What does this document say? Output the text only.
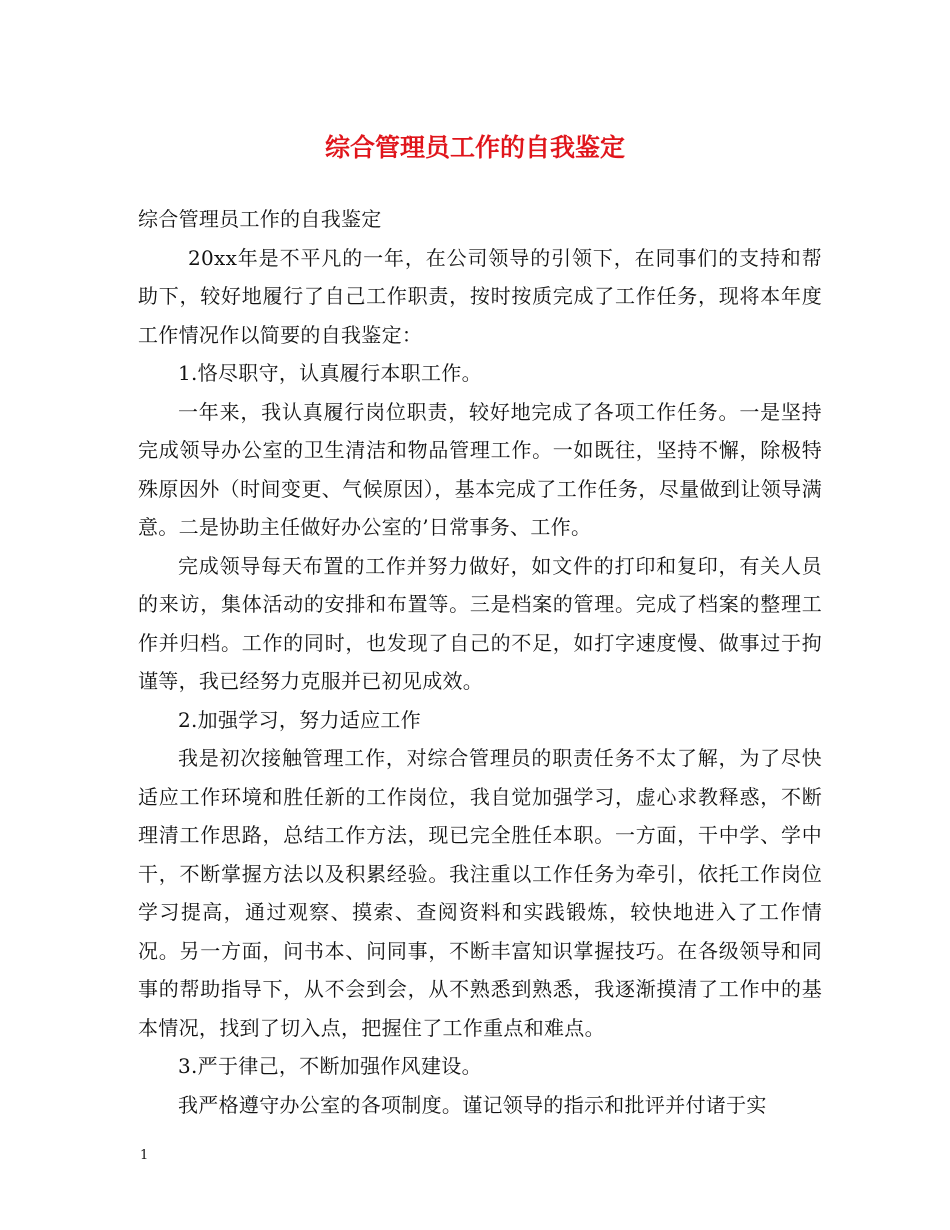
综合管理员工作的自我鉴定

综合管理员工作的自我鉴定

20xx年是不平凡的一年，在公司领导的引领下，在同事们的支持和帮助下，较好地履行了自己工作职责，按时按质完成了工作任务，现将本年度工作情况作以简要的自我鉴定：

1.恪尽职守，认真履行本职工作。

一年来，我认真履行岗位职责，较好地完成了各项工作任务。一是坚持完成领导办公室的卫生清洁和物品管理工作。一如既往，坚持不懈，除极特殊原因外（时间变更、气候原因），基本完成了工作任务，尽量做到让领导满意。二是协助主任做好办公室的’日常事务、工作。

完成领导每天布置的工作并努力做好，如文件的打印和复印，有关人员的来访，集体活动的安排和布置等。三是档案的管理。完成了档案的整理工作并归档。工作的同时，也发现了自己的不足，如打字速度慢、做事过于拘谨等，我已经努力克服并已初见成效。

2.加强学习，努力适应工作

我是初次接触管理工作，对综合管理员的职责任务不太了解，为了尽快适应工作环境和胜任新的工作岗位，我自觉加强学习，虚心求教释惑，不断理清工作思路，总结工作方法，现已完全胜任本职。一方面，干中学、学中干，不断掌握方法以及积累经验。我注重以工作任务为牵引，依托工作岗位学习提高，通过观察、摸索、查阅资料和实践锻炼，较快地进入了工作情况。另一方面，问书本、问同事，不断丰富知识掌握技巧。在各级领导和同事的帮助指导下，从不会到会，从不熟悉到熟悉，我逐渐摸清了工作中的基本情况，找到了切入点，把握住了工作重点和难点。

3.严于律己，不断加强作风建设。

我严格遵守办公室的各项制度。谨记领导的指示和批评并付诸于实

1
